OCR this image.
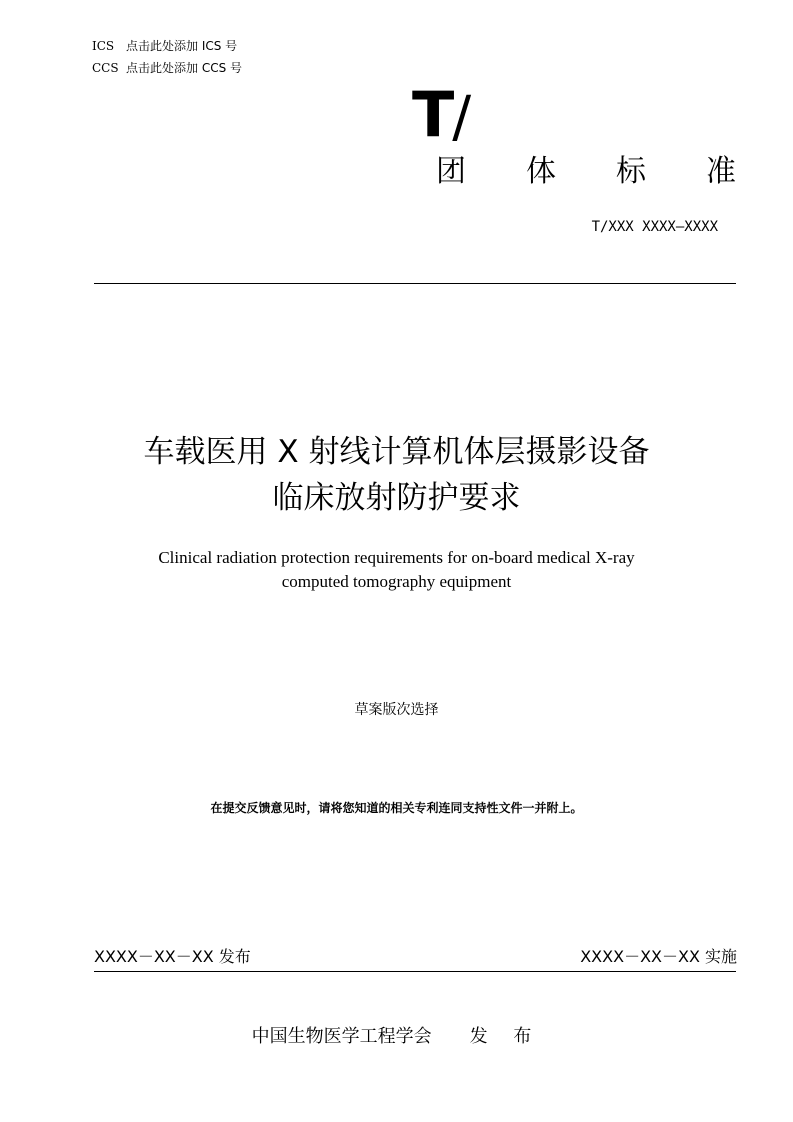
ICS 点击此处添加 ICS 号
CCS 点击此处添加 CCS 号
T/
团 体 标 准
T/XXX XXXX—XXXX
车载医用 X 射线计算机体层摄影设备
临床放射防护要求
Clinical radiation protection requirements for on-board medical X-ray
computed tomography equipment
草案版次选择
在提交反馈意见时，请将您知道的相关专利连同支持性文件一并附上。
XXXX－XX－XX 发布	XXXX－XX－XX 实施
中国生物医学工程学会 发 布
